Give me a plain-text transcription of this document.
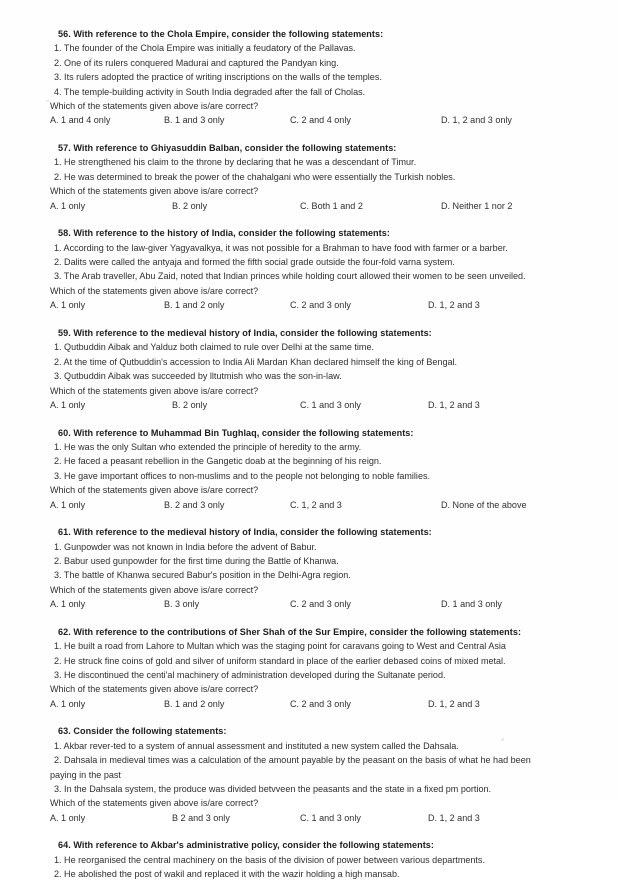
56. With reference to the Chola Empire, consider the following statements:
1. The founder of the Chola Empire was initially a feudatory of the Pallavas.
2. One of its rulers conquered Madurai and captured the Pandyan king.
3. Its rulers adopted the practice of writing inscriptions on the walls of the temples.
4. The temple-building activity in South India degraded after the fall of Cholas.
Which of the statements given above is/are correct?
A. 1 and 4 only	B. 1 and 3 only	C. 2 and 4 only	D. 1, 2 and 3 only
57. With reference to Ghiyasuddin Balban, consider the following statements:
1. He strengthened his claim to the throne by declaring that he was a descendant of Timur.
2. He was determined to break the power of the chahalgani who were essentially the Turkish nobles.
Which of the statements given above is/are correct?
A. 1 only	B. 2 only	C. Both 1 and 2	D. Neither 1 nor 2
58. With reference to the history of India, consider the following statements:
1. According to the law-giver Yagyavalkya, it was not possible for a Brahman to have food with farmer or a barber.
2. Dalits were called the antyaja and formed the fifth social grade outside the four-fold varna system.
3. The Arab traveller, Abu Zaid, noted that Indian princes while holding court allowed their women to be seen unveiled.
Which of the statements given above is/are correct?
A. 1 only	B. 1 and 2 only	C. 2 and 3 only	D. 1, 2 and 3
59. With reference to the medieval history of India, consider the following statements:
1. Qutbuddin Aibak and Yalduz both claimed to rule over Delhi at the same time.
2. At the time of Qutbuddin's accession to India Ali Mardan Khan declared himself the king of Bengal.
3. Qutbuddin Aibak was succeeded by lltutmish who was the son-in-law.
Which of the statements given above is/are correct?
A. 1 only	B. 2 only	C. 1 and 3 only	D. 1, 2 and 3
60. With reference to Muhammad Bin Tughlaq, consider the following statements:
1. He was the only Sultan who extended the principle of heredity to the army.
2. He faced a peasant rebellion in the Gangetic doab at the beginning of his reign.
3. He gave important offices to non-muslims and to the people not belonging to noble families.
Which of the statements given above is/are correct?
A. 1 only	B. 2 and 3 only	C. 1, 2 and 3	D. None of the above
61. With reference to the medieval history of India, consider the following statements:
1. Gunpowder was not known in India before the advent of Babur.
2. Babur used gunpowder for the first time during the Battle of Khanwa.
3. The battle of Khanwa secured Babur's position in the Delhi-Agra region.
Which of the statements given above is/are correct?
A. 1 only	B. 3 only	C. 2 and 3 only	D. 1 and 3 only
62. With reference to the contributions of Sher Shah of the Sur Empire, consider the following statements:
1. He built a road from Lahore to Multan which was the staging point for caravans going to West and Central Asia
2. He struck fine coins of gold and silver of uniform standard in place of the earlier debased coins of mixed metal.
3. He discontinued the centi'al machinery of administration developed during the Sultanate period.
Which of the statements given above is/are correct?
A. 1 only	B. 1 and 2 only	C. 2 and 3 only	D. 1, 2 and 3
63. Consider the following statements:
1. Akbar rever-ted to a system of annual assessment and instituted a new system called the Dahsala.
2. Dahsala in medieval times was a calculation of the amount payable by the peasant on the basis of what he had been
paying in the past
3. In the Dahsala system, the produce was divided betvveen the peasants and the state in a fixed pm portion.
Which of the statements given above is/are correct?
A. 1 only	B 2 and 3 only	C. 1 and 3 only	D. 1, 2 and 3
64. With reference to Akbar's administrative policy, consider the following statements:
1. He reorganised the central machinery on the basis of the division of power between various departments.
2. He abolished the post of wakil and replaced it with the wazir holding a high mansab.
